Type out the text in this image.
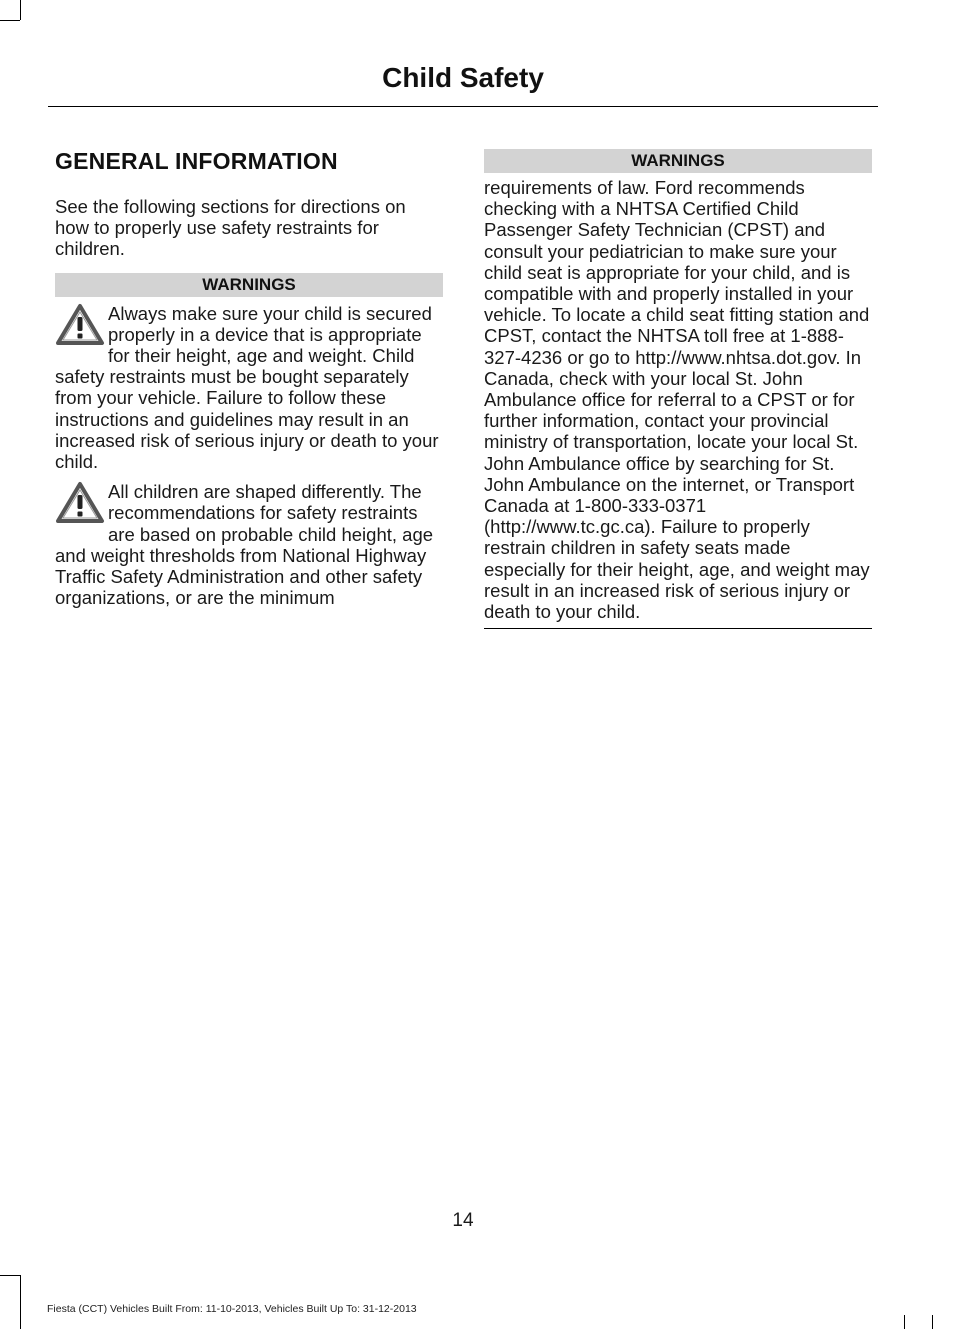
Child Safety
GENERAL INFORMATION

See the following sections for directions on how to properly use safety restraints for children.

WARNINGS

Always make sure your child is secured properly in a device that is appropriate for their height, age and weight. Child safety restraints must be bought separately from your vehicle. Failure to follow these instructions and guidelines may result in an increased risk of serious injury or death to your child.

All children are shaped differently. The recommendations for safety restraints are based on probable child height, age and weight thresholds from National Highway Traffic Safety Administration and other safety organizations, or are the minimum

WARNINGS

requirements of law. Ford recommends checking with a NHTSA Certified Child Passenger Safety Technician (CPST) and consult your pediatrician to make sure your child seat is appropriate for your child, and is compatible with and properly installed in your vehicle. To locate a child seat fitting station and CPST, contact the NHTSA toll free at 1-888-327-4236 or go to http://www.nhtsa.dot.gov. In Canada, check with your local St. John Ambulance office for referral to a CPST or for further information, contact your provincial ministry of transportation, locate your local St. John Ambulance office by searching for St. John Ambulance on the internet, or Transport Canada at 1-800-333-0371 (http://www.tc.gc.ca). Failure to properly restrain children in safety seats made especially for their height, age, and weight may result in an increased risk of serious injury or death to your child.

14
Fiesta (CCT) Vehicles Built From: 11-10-2013, Vehicles Built Up To: 31-12-2013
